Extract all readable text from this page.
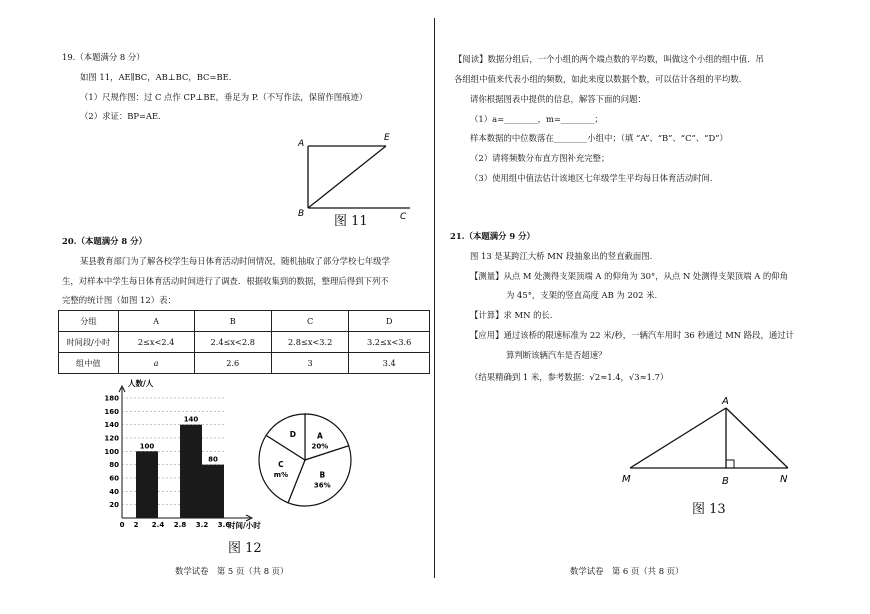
19.（本题满分 8 分）
如图 11，AE∥BC，AB⊥BC，BC=BE.
（1）尺规作图：过 C 点作 CP⊥BE，垂足为 P.（不写作法，保留作图痕迹）
（2）求证：BP=AE.
A
E
B	C
图 11
20.（本题满分 8 分）
某县教育部门为了解各校学生每日体育活动时间情况，随机抽取了部分学校七年级学
生，对样本中学生每日体育活动时间进行了调查．根据收集到的数据，整理后得到下列不
完整的统计图（如图 12）表：
分组	A	B	C	D
时间段/小时	2≤x<2.4	2.4≤x<2.8	2.8≤x<3.2	3.2≤x<3.6
组中值	a	2.6	3	3.4
20
40
60
80
100
120
140
160
180
0 2 2.4 2.8 3.2 3.6
100
140
80
人数/人
时间/小时
A
20%
B
36%
C
m%
D
图 12
数学试卷　第 5 页（共 8 页）
【阅读】数据分组后，一个小组的两个端点数的平均数，叫做这个小组的组中值．吊
各组组中值来代表小组的频数，如此来度以数据个数，可以估计各组的平均数．
请你根据图表中提供的信息，解答下面的问题：
（1）a=________，m=________；
样本数据的中位数落在________小组中；（填 “A”、“B”、“C”、“D”）
（2）请将频数分布直方图补充完整；
（3）使用组中值法估计该地区七年级学生平均每日体育活动时间.
21.（本题满分 9 分）
图 13 是某跨江大桥 MN 段抽象出的竖直截面图.
【测量】从点 M 处测得支架顶端 A 的仰角为 30°，从点 N 处测得支架顶端 A 的仰角
为 45°，支架的竖直高度 AB 为 202 米.
【计算】求 MN 的长.
【应用】通过该桥的限速标准为 22 米/秒，一辆汽车用时 36 秒通过 MN 路段，通过计
算判断该辆汽车是否超速？
（结果精确到 1 米，参考数据：√2≈1.4，√3≈1.7）
A
M	B	N
图 13
数学试卷　第 6 页（共 8 页）
